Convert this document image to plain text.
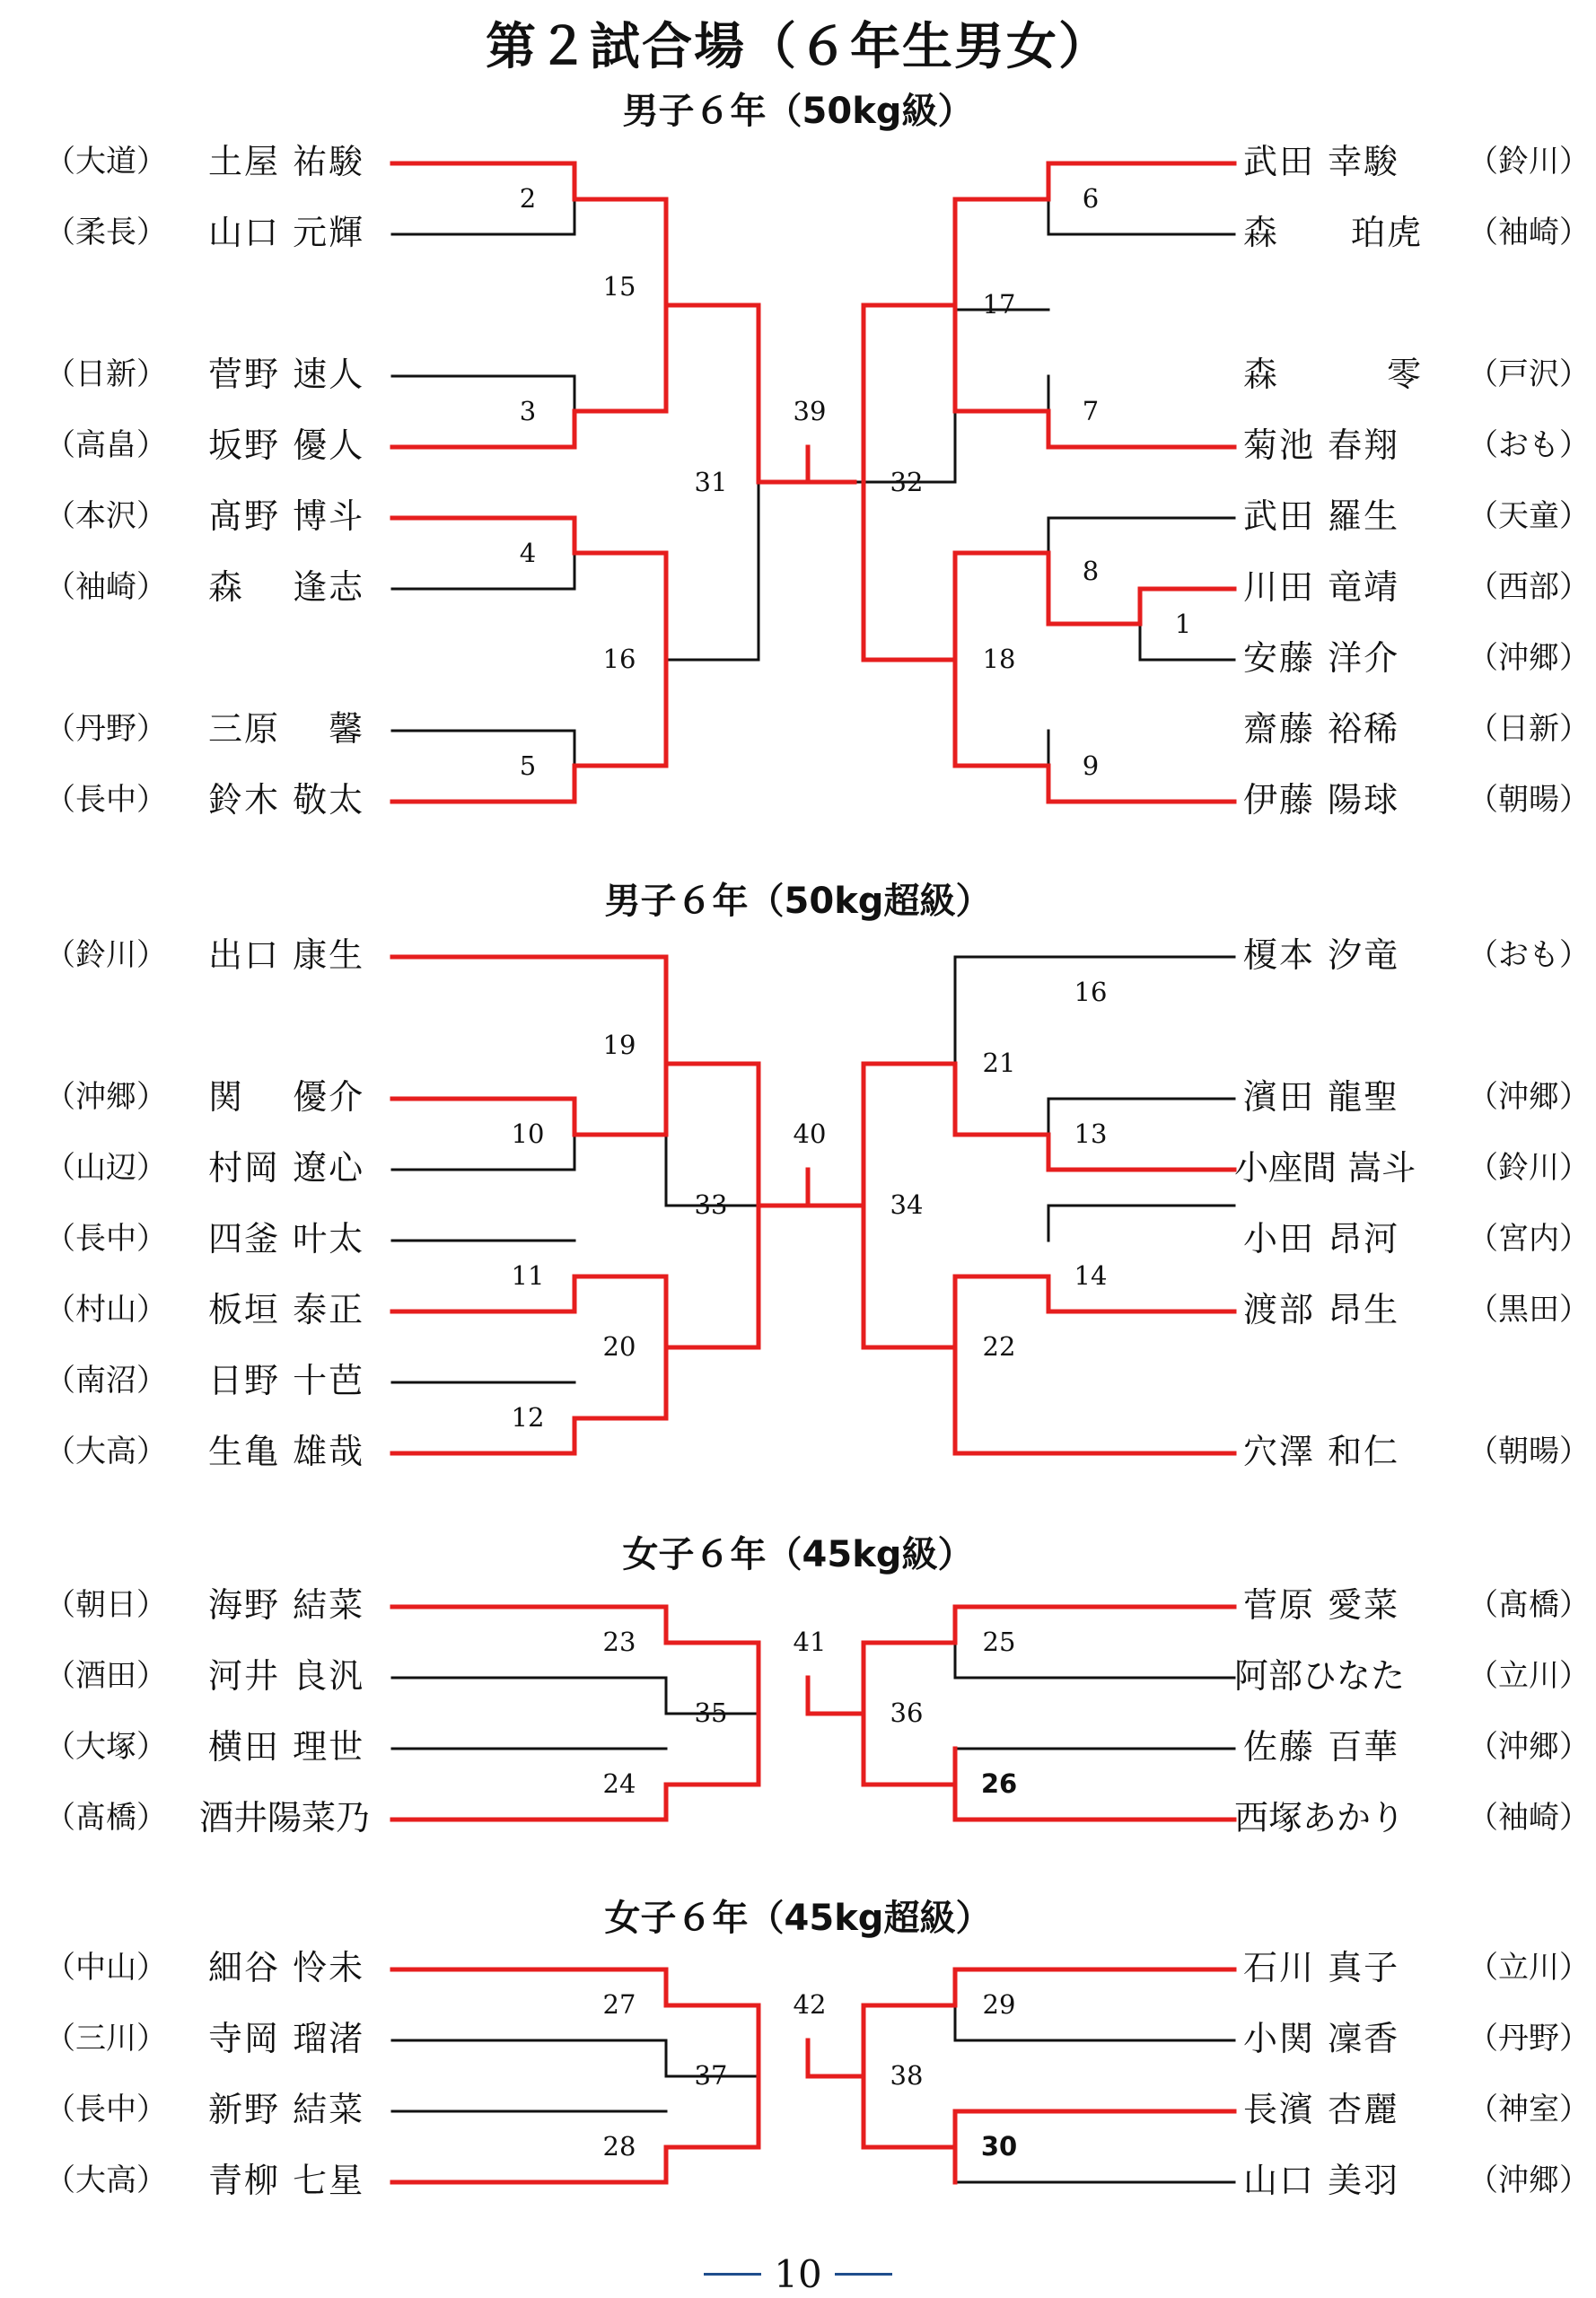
第２試合場（６年生男女）
男子６年（50kg級）
男子６年（50kg超級）
女子６年（45kg級）
女子６年（45kg超級）
（大道） 土屋 祐駿
（柔長） 山口 元輝
（日新） 菅野 速人
（高畠） 坂野 優人
（本沢） 髙野 博斗
（袖崎） 森　 逢志
（丹野） 三原　 馨
（長中） 鈴木 敬太
武田 幸駿 （鈴川）
森　　珀虎 （袖崎）
森　　　零 （戸沢）
菊池 春翔 （おも）
武田 羅生 （天童）
川田 竜靖 （西部）
安藤 洋介 （沖郷）
齋藤 裕稀 （日新）
伊藤 陽球 （朝暘）
2
3
4
5
15
16
31
39
32
17
18
6
7
8
9
1
（鈴川） 出口 康生
（沖郷） 関　 優介
（山辺） 村岡 遼心
（長中） 四釜 叶太
（村山） 板垣 泰正
（南沼） 日野 十芭
（大高） 生亀 雄哉
榎本 汐竜 （おも）
濱田 龍聖 （沖郷）
小座間 嵩斗 （鈴川）
小田 昂河 （宮内）
渡部 昂生 （黒田）
穴澤 和仁 （朝暘）
10
11
12
19
20
33
40
34
21
22
16
13
14
（朝日） 海野 結菜
（酒田） 河井 良汎
（大塚） 横田 理世
（髙橋） 酒井陽菜乃
菅原 愛菜 （髙橋）
阿部ひなた （立川）
佐藤 百華 （沖郷）
西塚あかり （袖崎）
23
24
35
41
36
25
26
（中山） 細谷 怜未
（三川） 寺岡 瑠渚
（長中） 新野 結菜
（大高） 青柳 七星
石川 真子 （立川）
小関 凜香 （丹野）
長濱 杏麗 （神室）
山口 美羽 （沖郷）
27
28
37
42
38
29
30
10
